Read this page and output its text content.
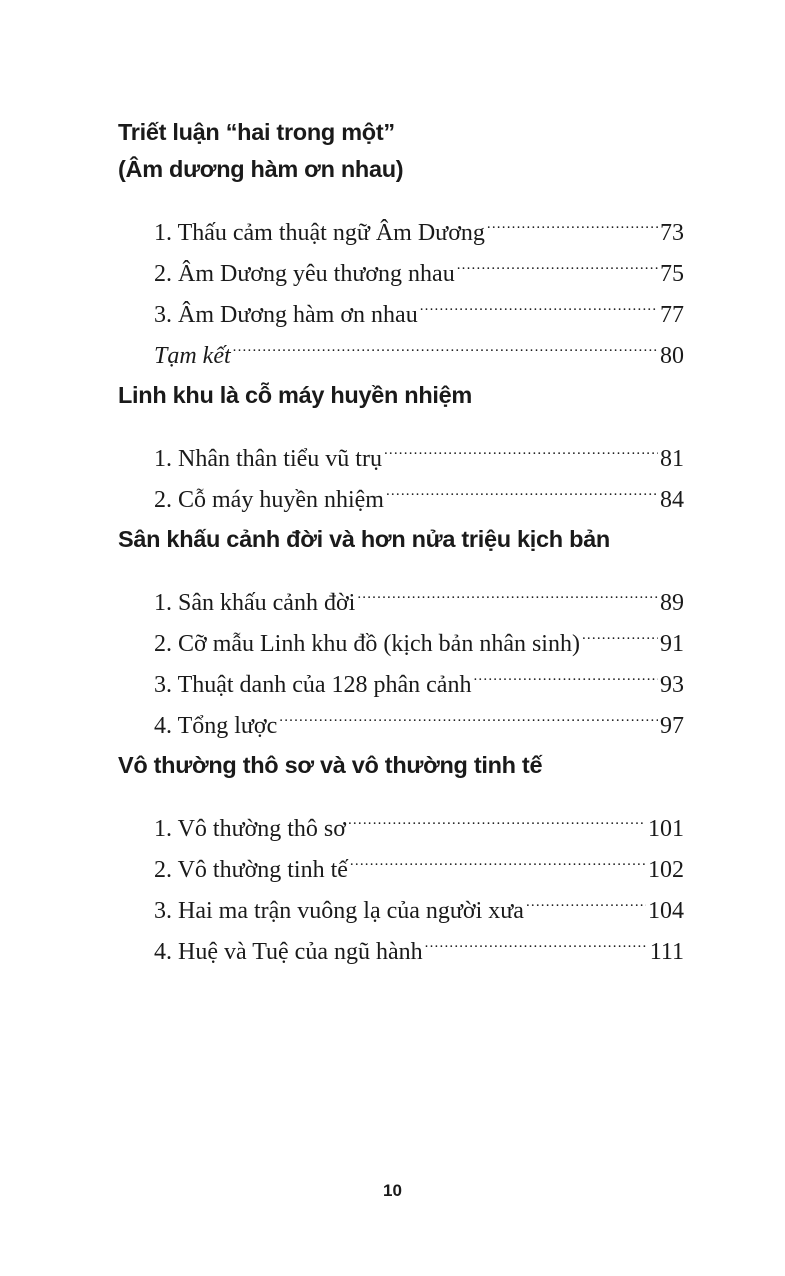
Triết luận “hai trong một”
(Âm dương hàm ơn nhau)

1. Thấu cảm thuật ngữ Âm Dương .....	73
2. Âm Dương yêu thương nhau .....	75
3. Âm Dương hàm ơn nhau .....	77
Tạm kết .....	80

Linh khu là cỗ máy huyền nhiệm

1. Nhân thân tiểu vũ trụ .....	81
2. Cỗ máy huyền nhiệm .....	84

Sân khấu cảnh đời và hơn nửa triệu kịch bản

1. Sân khấu cảnh đời .....	89
2. Cỡ mẫu Linh khu đồ (kịch bản nhân sinh) .....	91
3. Thuật danh của 128 phân cảnh .....	93
4. Tổng lược .....	97

Vô thường thô sơ và vô thường tinh tế

1. Vô thường thô sơ .....	101
2. Vô thường tinh tế .....	102
3. Hai ma trận vuông lạ của người xưa .....	104
4. Huệ và Tuệ của ngũ hành .....	111
10
